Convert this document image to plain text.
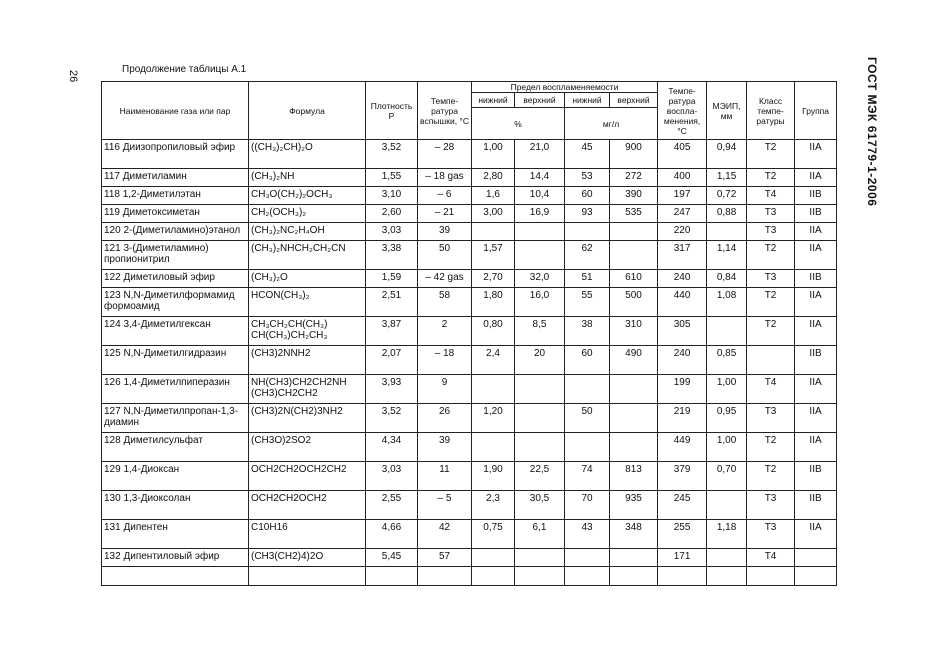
26	ГОСТ МЭК 61779-1-2006
Продолжение таблицы А.1
Наименование газа или пар	Формула	Плотность P	Темпе- ратура вспышки, °С	Предел воспламеняемости				Темпе- ратура воспла- менения, °С	МЭИП, мм	Класс темпе- ратуры	Группа
				нижний	верхний	нижний	верхний				
				%		мг/л					
116 Диизопропиловый эфир	((CH₃)₂CH)₂O	3,52	– 28	1,00	21,0	45	900	405	0,94	T2	IIA
117 Диметиламин	(CH₃)₂NH	1,55	– 18 gas	2,80	14,4	53	272	400	1,15	T2	IIA
118 1,2-Диметилэтан	CH₃O(CH₂)₂OCH₃	3,10	– 6	1,6	10,4	60	390	197	0,72	T4	IIB
119 Диметоксиметан	CH₂(OCH₃)₂	2,60	– 21	3,00	16,9	93	535	247	0,88	T3	IIB
120 2-(Диметиламино)этанол	(CH₃)₂NC₂H₄OH	3,03	39					220		T3	IIA
121 3-(Диметиламино) пропионитрил	(CH₃)₂NHCH₂CH₂CN	3,38	50	1,57		62		317	1,14	T2	IIA
122 Диметиловый эфир	(CH₃)₂O	1,59	– 42 gas	2,70	32,0	51	610	240	0,84	T3	IIB
123 N,N-Диметилформамид формоамид	HCON(CH₃)₂	2,51	58	1,80	16,0	55	500	440	1,08	T2	IIA
124 3,4-Диметилгексан	CH₃CH₂CH(CH₃) CH(CH₃)CH₂CH₃	3,87	2	0,80	8,5	38	310	305		T2	IIA
125 N,N-Диметилгидразин	(CH3)2NNH2	2,07	– 18	2,4	20	60	490	240	0,85		IIB
126 1,4-Диметилпиперазин	NH(CH3)CH2CH2NH (CH3)CH2CH2	3,93	9					199	1,00	T4	IIA
127 N,N-Диметилпропан-1,3-диамин	(CH3)2N(CH2)3NH2	3,52	26	1,20		50		219	0,95	T3	IIA
128 Диметилсульфат	(CH3O)2SO2	4,34	39					449	1,00	T2	IIA
129 1,4-Диоксан	OCH2CH2OCH2CH2	3,03	11	1,90	22,5	74	813	379	0,70	T2	IIB
130 1,3-Диоксолан	OCH2CH2OCH2	2,55	– 5	2,3	30,5	70	935	245		T3	IIB
131 Дипентен	C10H16	4,66	42	0,75	6,1	43	348	255	1,18	T3	IIA
132 Дипентиловый эфир	(CH3(CH2)4)2O	5,45	57					171		T4	
